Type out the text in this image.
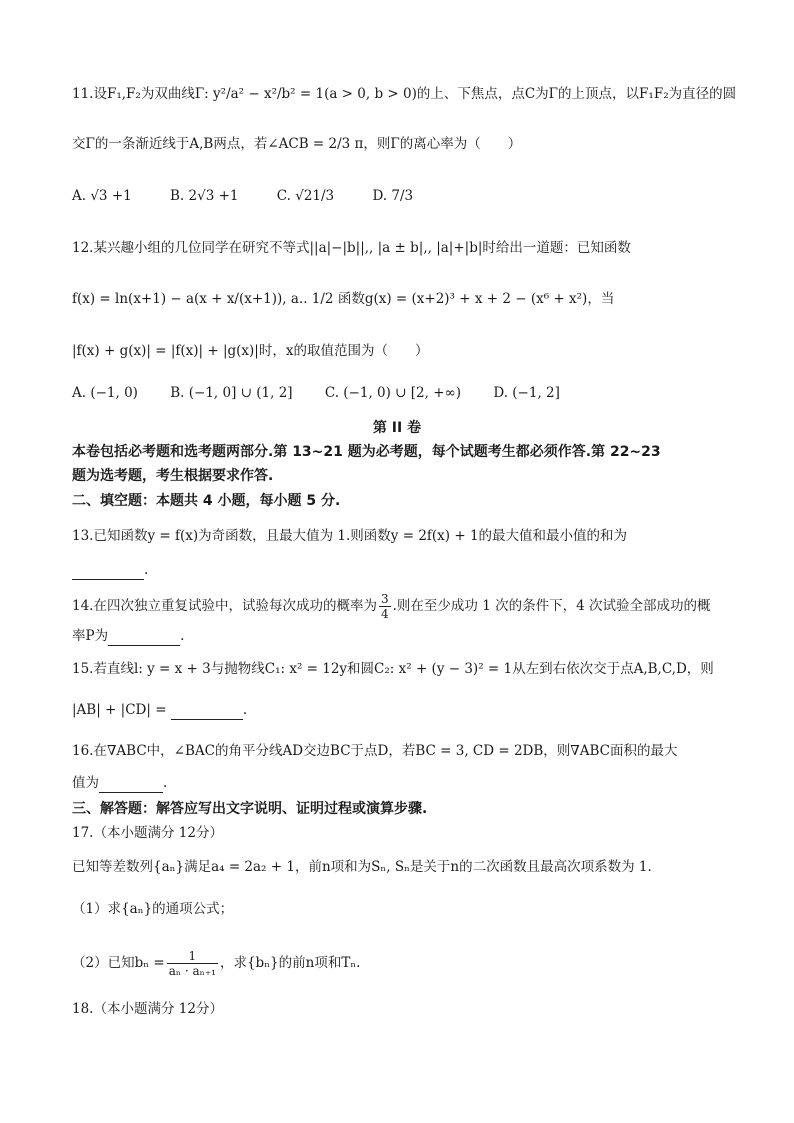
11.设F₁,F₂为双曲线Γ: y²/a² − x²/b² = 1(a > 0, b > 0)的上、下焦点，点C为Γ的上顶点，以F₁F₂为直径的圆
交Γ的一条渐近线于A,B两点，若∠ACB = 2/3 π，则Γ的离心率为（　　）
A. √3 +1	B. 2√3 +1	C. √21/3	D. 7/3
12.某兴趣小组的几位同学在研究不等式||a|−|b||,, |a ± b|,, |a|+|b|时给出一道题：已知函数
f(x) = ln(x+1) − a(x + x/(x+1)), a.. 1/2 函数g(x) = (x+2)³ + x + 2 − (x⁶ + x²)，当
|f(x) + g(x)| = |f(x)| + |g(x)|时，x的取值范围为（　　）
A. (−1, 0) B. (−1, 0] ∪ (1, 2] C. (−1, 0) ∪ [2, +∞) D. (−1, 2]
第 II 卷
本卷包括必考题和选考题两部分.第 13~21 题为必考题，每个试题考生都必须作答.第 22~23
题为选考题，考生根据要求作答.
二、填空题：本题共 4 小题，每小题 5 分.
13.已知函数y = f(x)为奇函数，且最大值为 1.则函数y = 2f(x) + 1的最大值和最小值的和为
.
14.在四次独立重复试验中，试验每次成功的概率为 $\frac{3}{4}$ .则在至少成功 1 次的条件下，4 次试验全部成功的概
率P为	.
15.若直线l: y = x + 3与抛物线C₁: x² = 12y和圆C₂: x² + (y − 3)² = 1从左到右依次交于点A,B,C,D，则
|AB| + |CD| =	.
16.在∇ABC中，∠BAC的角平分线AD交边BC于点D，若BC = 3, CD = 2DB，则∇ABC面积的最大
值为	.
三、解答题：解答应写出文字说明、证明过程或演算步骤.
17.（本小题满分 12分）
已知等差数列{aₙ}满足a₄ = 2a₂ + 1，前n项和为Sₙ, Sₙ是关于n的二次函数且最高次项系数为 1.
（1）求{aₙ}的通项公式；
（2）已知$b_n = \frac{1}{\text{aₙ · aₙ₊₁}}$ ，求{bₙ}的前n项和Tₙ.
18.（本小题满分 12分）
